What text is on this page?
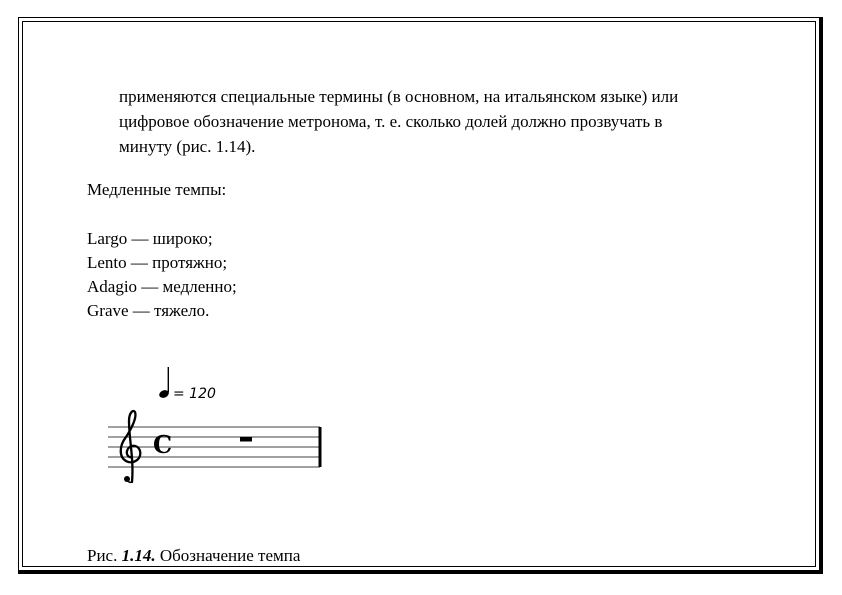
применяются специальные термины (в основном, на итальянском языке) или
цифровое обозначение метронома, т. е. сколько долей должно прозвучать в
минуту (рис. 1.14).

Медленные темпы:

Largo — широко;
Lento — протяжно;
Adagio — медленно;
Grave — тяжело.
= 120
C

Рис. 1.14. Обозначение темпа
